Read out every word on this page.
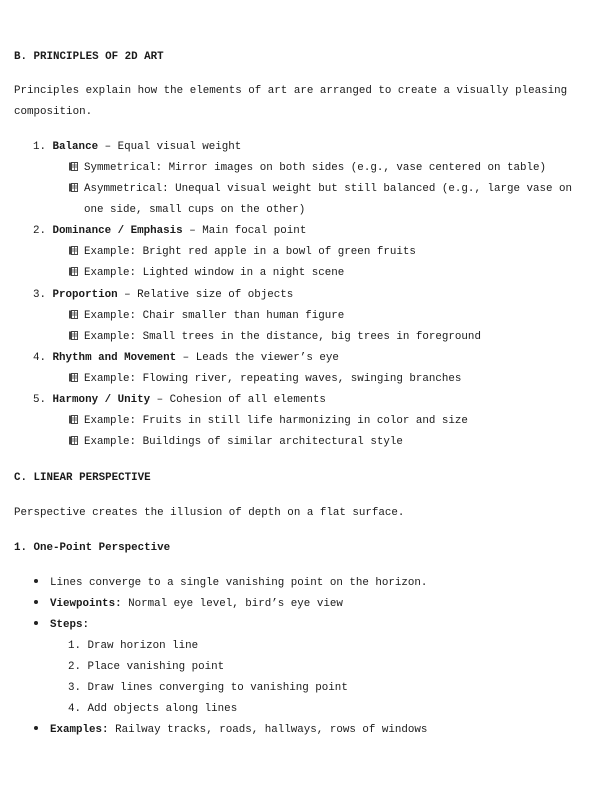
B. PRINCIPLES OF 2D ART
Principles explain how the elements of art are arranged to create a visually pleasing
composition.
1. Balance – Equal visual weight
Symmetrical: Mirror images on both sides (e.g., vase centered on table)
Asymmetrical: Unequal visual weight but still balanced (e.g., large vase on
one side, small cups on the other)
2. Dominance / Emphasis – Main focal point
Example: Bright red apple in a bowl of green fruits
Example: Lighted window in a night scene
3. Proportion – Relative size of objects
Example: Chair smaller than human figure
Example: Small trees in the distance, big trees in foreground
4. Rhythm and Movement – Leads the viewer’s eye
Example: Flowing river, repeating waves, swinging branches
5. Harmony / Unity – Cohesion of all elements
Example: Fruits in still life harmonizing in color and size
Example: Buildings of similar architectural style
C. LINEAR PERSPECTIVE
Perspective creates the illusion of depth on a flat surface.
1. One-Point Perspective
Lines converge to a single vanishing point on the horizon.
Viewpoints: Normal eye level, bird’s eye view
Steps:
1. Draw horizon line
2. Place vanishing point
3. Draw lines converging to vanishing point
4. Add objects along lines
Examples: Railway tracks, roads, hallways, rows of windows
